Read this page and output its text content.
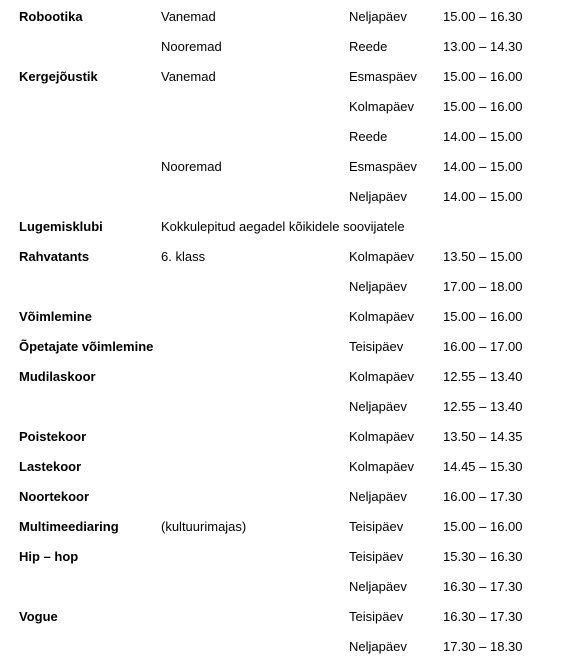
Robootika	Vanemad	Neljapäev	15.00 – 16.30
Nooremad	Reede	13.00 – 14.30
Kergejõustik	Vanemad	Esmaspäev 15.00 – 16.00
Kolmapäev 15.00 – 16.00
Reede	14.00 – 15.00
Nooremad	Esmaspäev 14.00 – 15.00
Neljapäev	14.00 – 15.00
Lugemisklubi	Kokkulepitud aegadel kõikidele soovijatele
Rahvatants	6. klass	Kolmapäev 13.50 – 15.00
Neljapäev	17.00 – 18.00
Võimlemine	Kolmapäev 15.00 – 16.00
Õpetajate võimlemine	Teisipäev	16.00 – 17.00
Mudilaskoor	Kolmapäev 12.55 – 13.40
Neljapäev	12.55 – 13.40
Poistekoor	Kolmapäev 13.50 – 14.35
Lastekoor	Kolmapäev 14.45 – 15.30
Noortekoor	Neljapäev	16.00 – 17.30
Multimeediaring	(kultuurimajas)	Teisipäev	15.00 – 16.00
Hip – hop	Teisipäev	15.30 – 16.30
Neljapäev	16.30 – 17.30
Vogue	Teisipäev	16.30 – 17.30
Neljapäev	17.30 – 18.30
